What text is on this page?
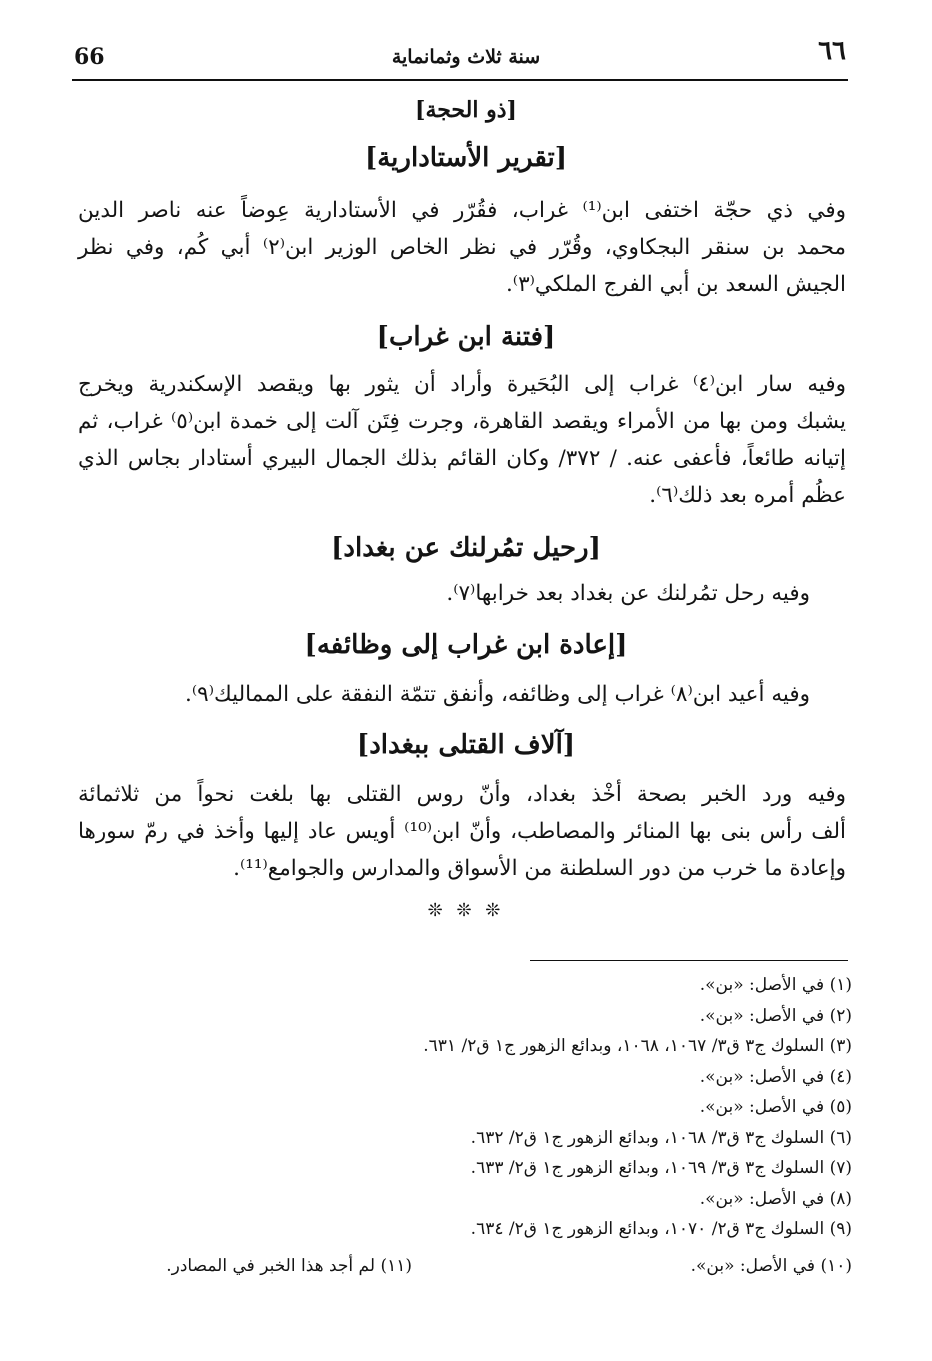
66	سنة ثلاث وثمانماية	٦٦
[ذو الحجة]
[تقرير الأستادارية]
وفي ذي حجّة اختفى ابن⁽¹⁾ غراب، فقُرّر في الأستادارية عِوضاً عنه ناصر الدين
محمد بن سنقر البجكاوي، وقُرّر في نظر الخاص الوزير ابن⁽٢⁾ أبي كُم، وفي نظر
الجيش السعد بن أبي الفرج الملكي⁽٣⁾.
[فتنة ابن غراب]
وفيه سار ابن⁽٤⁾ غراب إلى البُحَيرة وأراد أن يثور بها ويقصد الإسكندرية ويخرج
يشبك ومن بها من الأمراء ويقصد القاهرة، وجرت فِتَن آلت إلى خمدة ابن⁽٥⁾ غراب، ثم
إتيانه طائعاً، فأعفى عنه. / ٣٧٢/ وكان القائم بذلك الجمال البيري أستادار بجاس الذي
عظُم أمره بعد ذلك⁽٦⁾.
[رحيل تمُرلنك عن بغداد]
وفيه رحل تمُرلنك عن بغداد بعد خرابها⁽٧⁾.
[إعادة ابن غراب إلى وظائفه]
وفيه أعيد ابن⁽٨⁾ غراب إلى وظائفه، وأنفق تتمّة النفقة على المماليك⁽٩⁾.
[آلاف القتلى ببغداد]
وفيه ورد الخبر بصحة أخْذ بغداد، وأنّ روس القتلى بها بلغت نحواً من ثلاثمائة
ألف رأس بنى بها المنائر والمصاطب، وأنّ ابن⁽¹⁰⁾ أويس عاد إليها وأخذ في رمّ سورها
وإعادة ما خرب من دور السلطنة من الأسواق والمدارس والجوامع⁽¹¹⁾.
❊ ❊ ❊
(١) في الأصل: «بن».
(٢) في الأصل: «بن».
(٣) السلوك ج٣ ق٣/ ١٠٦٧، ١٠٦٨، وبدائع الزهور ج١ ق٢/ ٦٣١.
(٤) في الأصل: «بن».
(٥) في الأصل: «بن».
(٦) السلوك ج٣ ق٣/ ١٠٦٨، وبدائع الزهور ج١ ق٢/ ٦٣٢.
(٧) السلوك ج٣ ق٣/ ١٠٦٩، وبدائع الزهور ج١ ق٢/ ٦٣٣.
(٨) في الأصل: «بن».
(٩) السلوك ج٣ ق٢/ ١٠٧٠، وبدائع الزهور ج١ ق٢/ ٦٣٤.
(١٠) في الأصل: «بن».
(١١) لم أجد هذا الخبر في المصادر.
